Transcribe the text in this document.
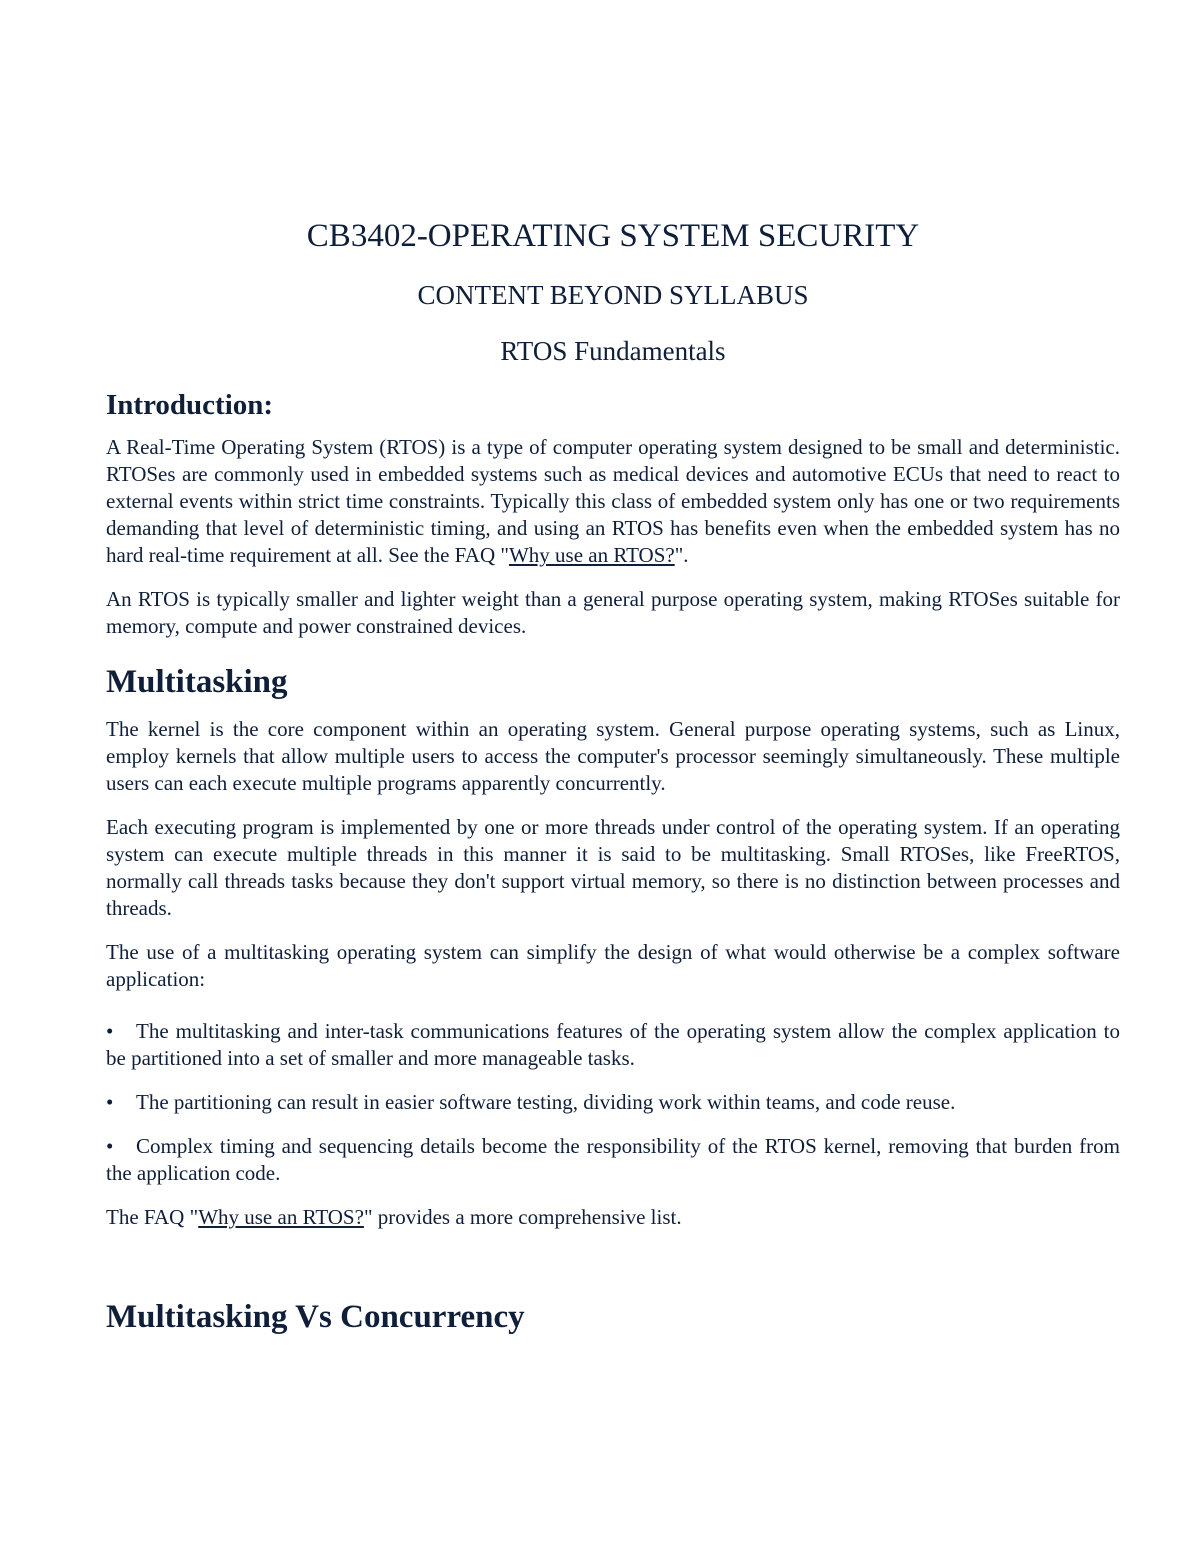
CB3402-OPERATING SYSTEM SECURITY
CONTENT BEYOND SYLLABUS
RTOS Fundamentals
Introduction:

A Real-Time Operating System (RTOS) is a type of computer operating system designed to be small and deterministic. RTOSes are commonly used in embedded systems such as medical devices and automotive ECUs that need to react to external events within strict time constraints. Typically this class of embedded system only has one or two requirements demanding that level of deterministic timing, and using an RTOS has benefits even when the embedded system has no hard real-time requirement at all. See the FAQ "Why use an RTOS?".

An RTOS is typically smaller and lighter weight than a general purpose operating system, making RTOSes suitable for memory, compute and power constrained devices.

Multitasking

The kernel is the core component within an operating system. General purpose operating systems, such as Linux, employ kernels that allow multiple users to access the computer's processor seemingly simultaneously. These multiple users can each execute multiple programs apparently concurrently.

Each executing program is implemented by one or more threads under control of the operating system. If an operating system can execute multiple threads in this manner it is said to be multitasking. Small RTOSes, like FreeRTOS, normally call threads tasks because they don't support virtual memory, so there is no distinction between processes and threads.

The use of a multitasking operating system can simplify the design of what would otherwise be a complex software application:

• The multitasking and inter-task communications features of the operating system allow the complex application to be partitioned into a set of smaller and more manageable tasks.

• The partitioning can result in easier software testing, dividing work within teams, and code reuse.

• Complex timing and sequencing details become the responsibility of the RTOS kernel, removing that burden from the application code.

The FAQ "Why use an RTOS?" provides a more comprehensive list.

Multitasking Vs Concurrency
